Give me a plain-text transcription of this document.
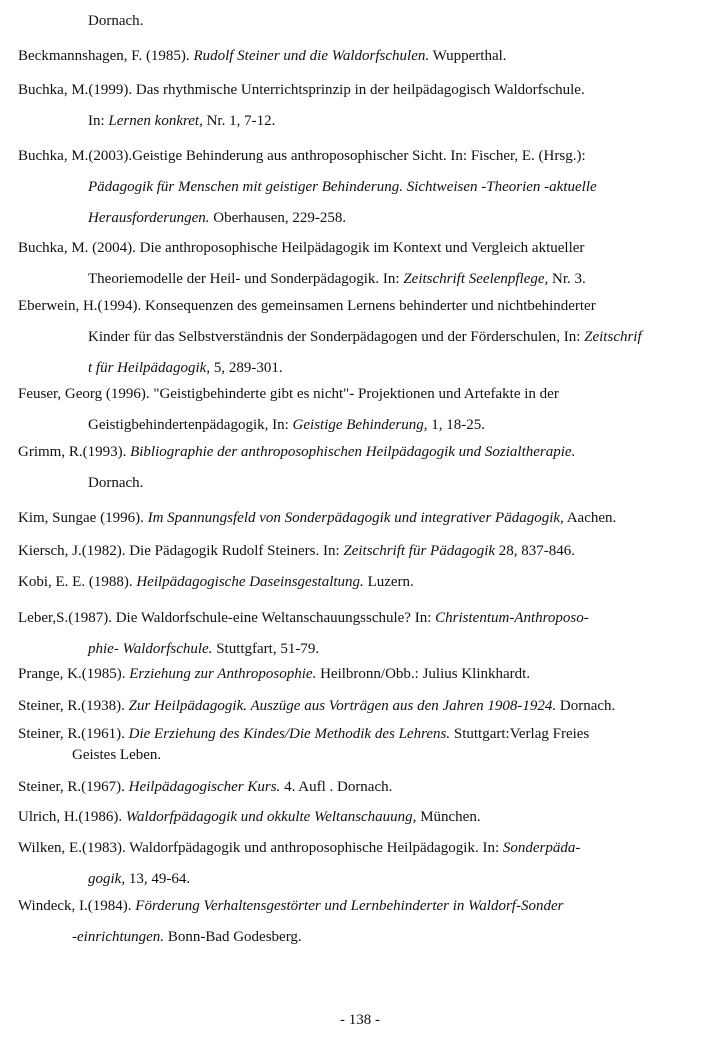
Dornach.

Beckmannshagen, F. (1985). Rudolf Steiner und die Waldorfschulen. Wupperthal.

Buchka, M.(1999). Das rhythmische Unterrichtsprinzip in der heilpädagogisch Waldorfschule.
In: Lernen konkret, Nr. 1, 7-12.

Buchka, M.(2003).Geistige Behinderung aus anthroposophischer Sicht. In: Fischer, E. (Hrsg.):
Pädagogik für Menschen mit geistiger Behinderung. Sichtweisen -Theorien -aktuelle
Herausforderungen. Oberhausen, 229-258.

Buchka, M. (2004). Die anthroposophische Heilpädagogik im Kontext und Vergleich aktueller
Theoriemodelle der Heil- und Sonderpädagogik. In: Zeitschrift Seelenpflege, Nr. 3.

Eberwein, H.(1994). Konsequenzen des gemeinsamen Lernens behinderter und nichtbehinderter
Kinder für das Selbstverständnis der Sonderpädagogen und der Förderschulen, In: Zeitschrif
t für Heilpädagogik, 5, 289-301.

Feuser, Georg (1996). "Geistigbehinderte gibt es nicht"- Projektionen und Artefakte in der
Geistigbehindertenpädagogik, In: Geistige Behinderung, 1, 18-25.

Grimm, R.(1993). Bibliographie der anthroposophischen Heilpädagogik und Sozialtherapie.
Dornach.

Kim, Sungae (1996). Im Spannungsfeld von Sonderpädagogik und integrativer Pädagogik, Aachen.

Kiersch, J.(1982). Die Pädagogik Rudolf Steiners. In: Zeitschrift für Pädagogik 28, 837-846.

Kobi, E. E. (1988). Heilpädagogische Daseinsgestaltung. Luzern.

Leber,S.(1987). Die Waldorfschule-eine Weltanschauungsschule? In: Christentum-Anthroposo-
phie- Waldorfschule. Stuttgfart, 51-79.

Prange, K.(1985). Erziehung zur Anthroposophie. Heilbronn/Obb.: Julius Klinkhardt.

Steiner, R.(1938). Zur Heilpädagogik. Auszüge aus Vorträgen aus den Jahren 1908-1924. Dornach.

Steiner, R.(1961). Die Erziehung des Kindes/Die Methodik des Lehrens. Stuttgart:Verlag Freies
Geistes Leben.

Steiner, R.(1967). Heilpädagogischer Kurs. 4. Aufl . Dornach.

Ulrich, H.(1986). Waldorfpädagogik und okkulte Weltanschauung, München.

Wilken, E.(1983). Waldorfpädagogik und anthroposophische Heilpädagogik. In: Sonderpäda-
gogik, 13, 49-64.

Windeck, I.(1984). Förderung Verhaltensgestörter und Lernbehinderter in Waldorf-Sonder
-einrichtungen. Bonn-Bad Godesberg.

- 138 -
